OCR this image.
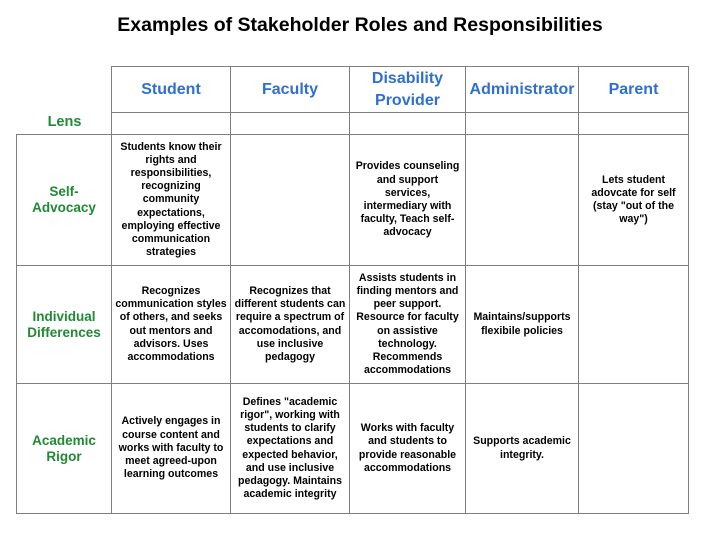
Examples of Stakeholder Roles and Responsibilities
Lens
Student	Faculty
Disability Provider
Administrator	Parent
Self-Advocacy
Individual Differences
Academic Rigor
Students know their rights and responsibilities, recognizing community expectations, employing effective communication strategies
Provides counseling and support services, intermediary with faculty, Teach self-advocacy
Lets student adovcate for self (stay "out of the way")
Recognizes communication styles of others, and seeks out mentors and advisors. Uses accommodations
Recognizes that different students can require a spectrum of accomodations, and use inclusive pedagogy
Assists students in finding mentors and peer support. Resource for faculty on assistive technology. Recommends accommodations
Maintains/supports flexibile policies
Actively engages in course content and works with faculty to meet agreed-upon learning outcomes
Defines "academic rigor", working with students to clarify expectations and expected behavior, and use inclusive pedagogy. Maintains academic integrity
Works with faculty and students to provide reasonable accommodations
Supports academic integrity.
